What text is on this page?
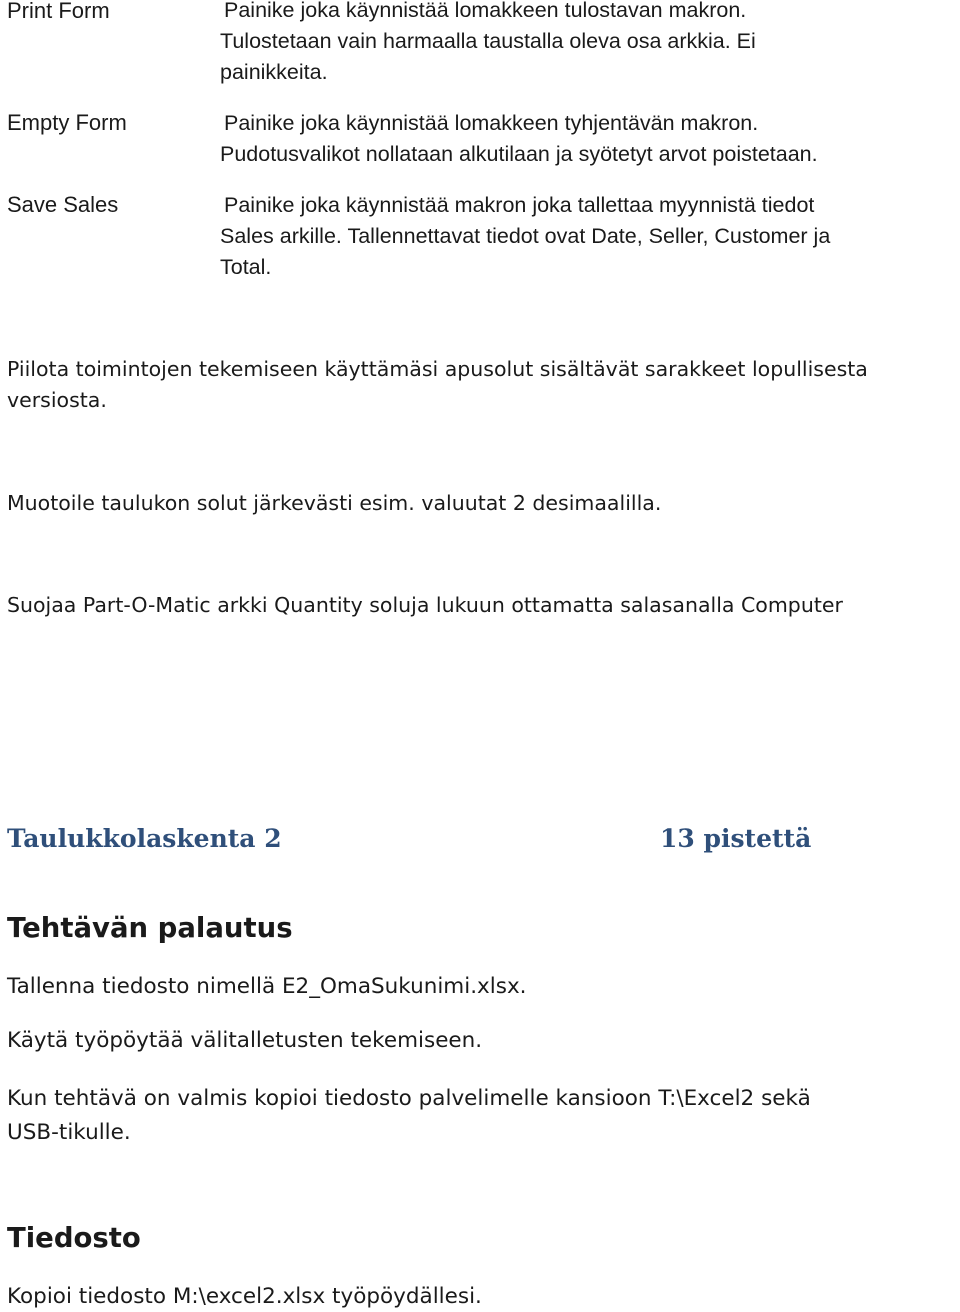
Print Form	Painike joka käynnistää lomakkeen tulostavan makron.
Tulostetaan vain harmaalla taustalla oleva osa arkkia. Ei
painikkeita.
Empty Form	Painike joka käynnistää lomakkeen tyhjentävän makron.
Pudotusvalikot nollataan alkutilaan ja syötetyt arvot poistetaan.
Save Sales	Painike joka käynnistää makron joka tallettaa myynnistä tiedot
Sales arkille. Tallennettavat tiedot ovat Date, Seller, Customer ja
Total.
Piilota toimintojen tekemiseen käyttämäsi apusolut sisältävät sarakkeet lopullisesta
versiosta.
Muotoile taulukon solut järkevästi esim. valuutat 2 desimaalilla.
Suojaa Part-O-Matic arkki Quantity soluja lukuun ottamatta salasanalla Computer
Taulukkolaskenta 2	13 pistettä
Tehtävän palautus
Tallenna tiedosto nimellä E2_OmaSukunimi.xlsx.
Käytä työpöytää välitalletusten tekemiseen.
Kun tehtävä on valmis kopioi tiedosto palvelimelle kansioon T:\Excel2 sekä
USB-tikulle.
Tiedosto
Kopioi tiedosto M:\excel2.xlsx työpöydällesi.
